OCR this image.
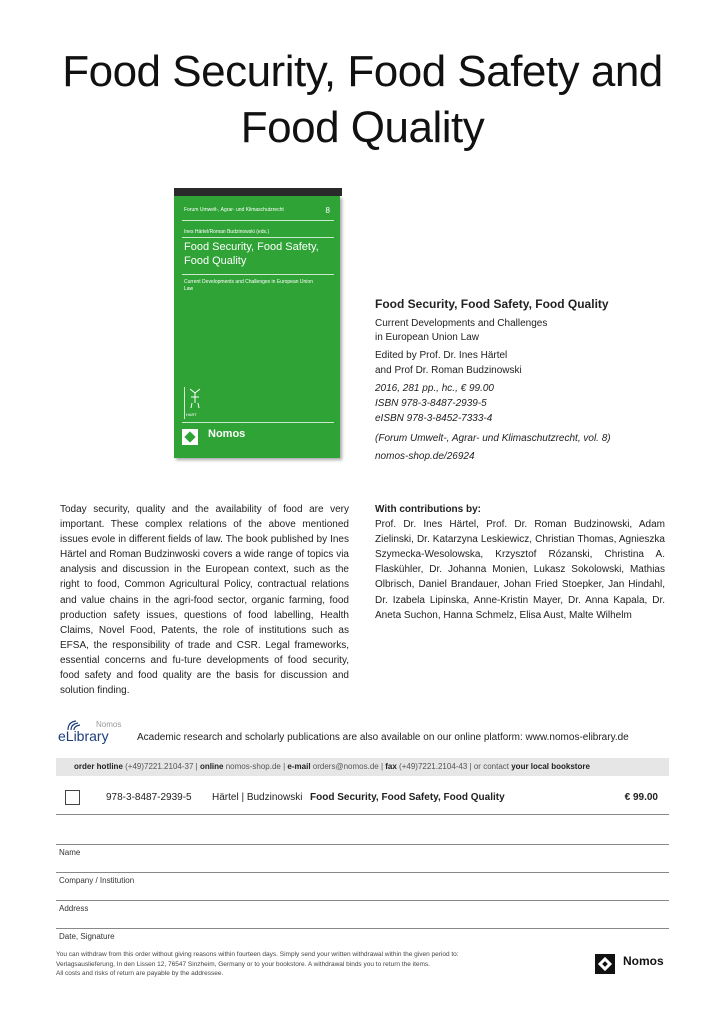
Food Security, Food Safety and Food Quality
Forum Umwelt-, Agrar- und Klimaschutzrecht	8
Ines Härtel/Roman Budzinowski (eds.)
Food Security, Food Safety, Food Quality
Current Developments and Challenges in European Union Law
HART
Nomos
Food Security, Food Safety, Food Quality
Current Developments and Challenges
in European Union Law
Edited by Prof. Dr. Ines Härtel
and Prof Dr. Roman Budzinowski
2016, 281 pp., hc., € 99.00
ISBN 978-3-8487-2939-5
eISBN 978-3-8452-7333-4
(Forum Umwelt-, Agrar- und Klimaschutzrecht, vol. 8)
nomos-shop.de/26924
Today security, quality and the availability of food are very important. These complex relations of the above mentioned issues evole in different fields of law. The book published by Ines Härtel and Roman Budzinwoski covers a wide range of topics via analysis and discussion in the European context, such as the right to food, Common Agricultural Policy, contractual relations and value chains in the agri-food sector, organic farming, food production safety issues, questions of food labelling, Health Claims, Novel Food, Patents, the role of institutions such as EFSA, the responsibility of trade and CSR. Legal frameworks, essential concerns and fu-ture developments of food security, food safety and food quality are the basis for discussion and solution finding.
With contributions by:
Prof. Dr. Ines Härtel, Prof. Dr. Roman Budzinowski, Adam Zielinski, Dr. Katarzyna Leskiewicz, Christian Thomas, Agnieszka Szymecka-Wesolowska, Krzysztof Rózanski, Christina A. Flaskühler, Dr. Johanna Monien, Lukasz Sokolowski, Mathias Olbrisch, Daniel Brandauer, Johan Fried Stoepker, Jan Hindahl, Dr. Izabela Lipinska, Anne-Kristin Mayer, Dr. Anna Kapala, Dr. Aneta Suchon, Hanna Schmelz, Elisa Aust, Malte Wilhelm
Nomos
eLibrary	Academic research and scholarly publications are also available on our online platform: www.nomos-elibrary.de
order hotline (+49)7221.2104-37 | online nomos-shop.de | e-mail orders@nomos.de | fax (+49)7221.2104-43 | or contact your local bookstore
978-3-8487-2939-5 Härtel | Budzinowski Food Security, Food Safety, Food Quality	€ 99.00
Name
Company / Institution
Address
Date, Signature
You can withdraw from this order without giving reasons within fourteen days. Simply send your written withdrawal within the given period to:
Verlagsauslieferung, In den Lissen 12, 76547 Sinzheim, Germany or to your bookstore. A withdrawal binds you to return the items.
All costs and risks of return are payable by the addressee.
Nomos
